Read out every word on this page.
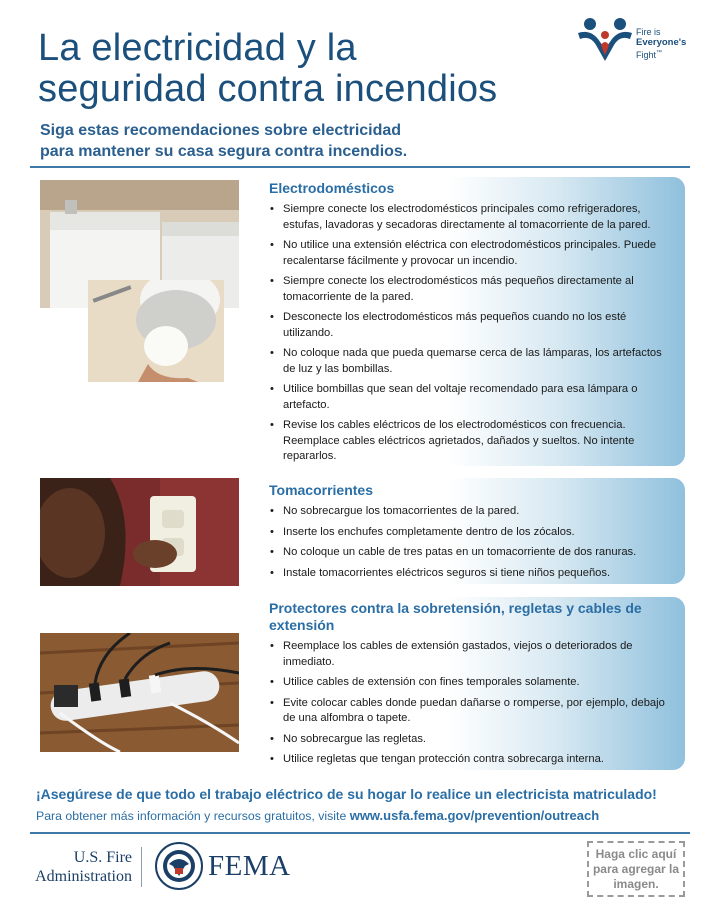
La electricidad y la
seguridad contra incendios
Fire is
Everyone's
Fight™
Siga estas recomendaciones sobre electricidad
para mantener su casa segura contra incendios.
Electrodomésticos
• Siempre conecte los electrodomésticos principales como refrigeradores, estufas, lavadoras y secadoras directamente al tomacorriente de la pared.
• No utilice una extensión eléctrica con electrodomésticos principales. Puede recalentarse fácilmente y provocar un incendio.
• Siempre conecte los electrodomésticos más pequeños directamente al tomacorriente de la pared.
• Desconecte los electrodomésticos más pequeños cuando no los esté utilizando.
• No coloque nada que pueda quemarse cerca de las lámparas, los artefactos de luz y las bombillas.
• Utilice bombillas que sean del voltaje recomendado para esa lámpara o artefacto.
• Revise los cables eléctricos de los electrodomésticos con frecuencia. Reemplace cables eléctricos agrietados, dañados y sueltos. No intente repararlos.
Tomacorrientes
• No sobrecargue los tomacorrientes de la pared.
• Inserte los enchufes completamente dentro de los zócalos.
• No coloque un cable de tres patas en un tomacorriente de dos ranuras.
• Instale tomacorrientes eléctricos seguros si tiene niños pequeños.
Protectores contra la sobretensión, regletas y cables de extensión
• Reemplace los cables de extensión gastados, viejos o deteriorados de inmediato.
• Utilice cables de extensión con fines temporales solamente.
• Evite colocar cables donde puedan dañarse o romperse, por ejemplo, debajo de una alfombra o tapete.
• No sobrecargue las regletas.
• Utilice regletas que tengan protección contra sobrecarga interna.
¡Asegúrese de que todo el trabajo eléctrico de su hogar lo realice un electricista matriculado!
Para obtener más información y recursos gratuitos, visite www.usfa.fema.gov/prevention/outreach
U.S. Fire
Administration	FEMA	Haga clic aquí para agregar la imagen.
